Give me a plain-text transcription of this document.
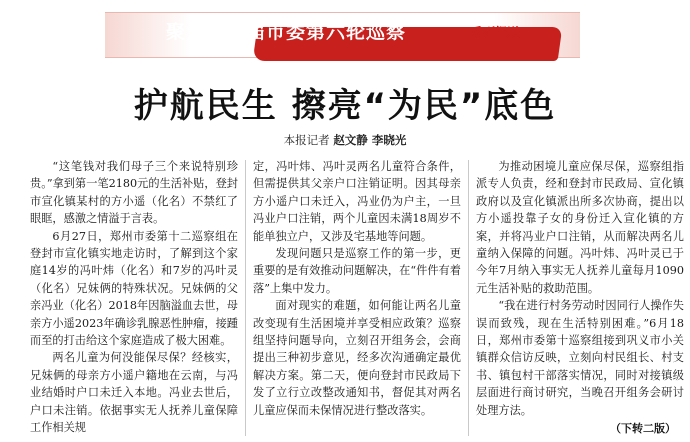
聚焦十二届市委第六轮巡察	系列报道
护航民生 擦亮“为民”底色
本报记者 赵文静 李晓光

“这笔钱对我们母子三个来说特别珍贵。”拿到第一笔2180元的生活补贴，登封市宣化镇某村的方小遥（化名）不禁红了眼眶，感激之情溢于言表。

6月27日，郑州市委第十二巡察组在登封市宣化镇实地走访时，了解到这个家庭14岁的冯叶炜（化名）和7岁的冯叶灵（化名）兄妹俩的特殊状况。兄妹俩的父亲冯业（化名）2018年因脑溢血去世，母亲方小遥2023年确诊乳腺恶性肿瘤，接踵而至的打击给这个家庭造成了极大困难。

两名儿童为何没能保尽保？经核实，兄妹俩的母亲方小遥户籍地在云南，与冯业结婚时户口未迁入本地。冯业去世后，户口未注销。依据事实无人抚养儿童保障工作相关规

定，冯叶炜、冯叶灵两名儿童符合条件，但需提供其父亲户口注销证明。因其母亲方小遥户口未迁入，冯业仍为户主，一旦冯业户口注销，两个儿童因未满18周岁不能单独立户，又涉及宅基地等问题。

发现问题只是巡察工作的第一步，更重要的是有效推动问题解决，在“件件有着落”上集中发力。

面对现实的难题，如何能让两名儿童改变现有生活困境并享受相应政策？巡察组坚持问题导向，立刻召开组务会，会商提出三种初步意见，经多次沟通确定最优解决方案。第二天，便向登封市民政局下发了立行立改整改通知书，督促其对两名儿童应保而未保情况进行整改落实。

为推动困境儿童应保尽保，巡察组指派专人负责，经和登封市民政局、宣化镇政府以及宣化镇派出所多次协商，提出以方小遥投靠子女的身份迁入宣化镇的方案，并将冯业户口注销，从而解决两名儿童纳入保障的问题。冯叶炜、冯叶灵已于今年7月纳入事实无人抚养儿童每月1090元生活补贴的救助范围。

“我在进行村务劳动时因同行人操作失误而致残，现在生活特别困难。”6月18日，郑州市委第十巡察组接到巩义市小关镇群众信访反映，立刻向村民组长、村支书、镇包村干部落实情况，同时对接镇级层面进行商讨研究，当晚召开组务会研讨处理方法。

（下转二版）
